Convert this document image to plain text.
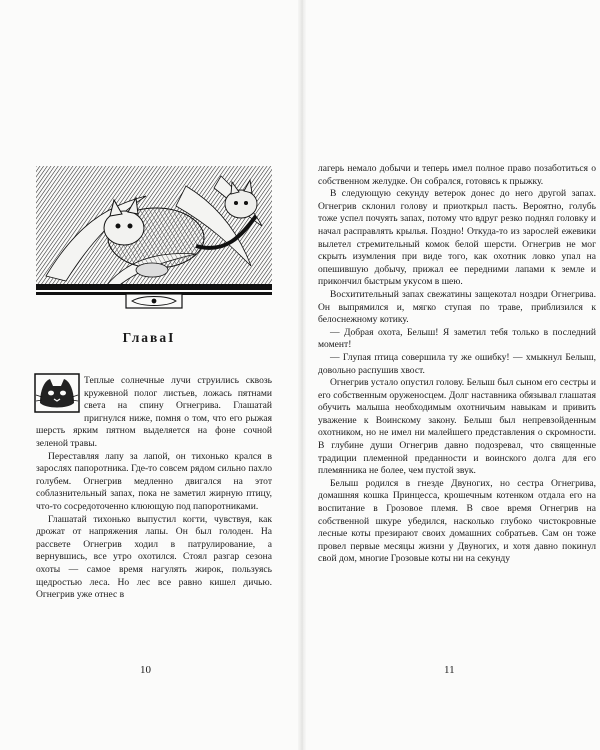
ГлаваI

Теплые солнечные лучи струились сквозь кружевной полог листьев, ложась пятнами света на спину Огнегрива. Глашатай пригнулся ниже, помня о том, что его рыжая шерсть ярким пятном выделяется на фоне сочной зеленой травы.

Переставляя лапу за лапой, он тихонько крался в зарослях папоротника. Где-то совсем рядом сильно пахло голубем. Огнегрив медленно двигался на этот соблазнительный запах, пока не заметил жирную птицу, что-то сосредоточенно клюющую под папоротниками.

Глашатай тихонько выпустил когти, чувствуя, как дрожат от напряжения лапы. Он был голоден. На рассвете Огнегрив ходил в патрулирование, а вернувшись, все утро охотился. Стоял разгар сезона охоты — самое время нагулять жирок, пользуясь щедростью леса. Но лес все равно кишел дичью. Огнегрив уже отнес в

10

лагерь немало добычи и теперь имел полное право позаботиться о собственном желудке. Он собрался, готовясь к прыжку.

В следующую секунду ветерок донес до него другой запах. Огнегрив склонил голову и приоткрыл пасть. Вероятно, голубь тоже успел почуять запах, потому что вдруг резко поднял головку и начал расправлять крылья. Поздно! Откуда-то из зарослей ежевики вылетел стремительный комок белой шерсти. Огнегрив не мог скрыть изумления при виде того, как охотник ловко упал на опешившую добычу, прижал ее передними лапами к земле и прикончил быстрым укусом в шею.

Восхитительный запах свежатины защекотал ноздри Огнегрива. Он выпрямился и, мягко ступая по траве, приблизился к белоснежному котику.

— Добрая охота, Белыш! Я заметил тебя только в последний момент!

— Глупая птица совершила ту же ошибку! — хмыкнул Белыш, довольно распушив хвост.

Огнегрив устало опустил голову. Белыш был сыном его сестры и его собственным оруженосцем. Долг наставника обязывал глашатая обучить малыша необходимым охотничьим навыкам и привить уважение к Воинскому закону. Белыш был непревзойденным охотником, но не имел ни малейшего представления о скромности. В глубине души Огнегрив давно подозревал, что священные традиции племенной преданности и воинского долга для его племянника не более, чем пустой звук.

Белыш родился в гнезде Двуногих, но сестра Огнегрива, домашняя кошка Принцесса, крошечным котенком отдала его на воспитание в Грозовое племя. В свое время Огнегрив на собственной шкуре убедился, насколько глубоко чистокровные лесные коты презирают своих домашних собратьев. Сам он тоже провел первые месяцы жизни у Двуногих, и хотя давно покинул свой дом, многие Грозовые коты ни на секунду

11
